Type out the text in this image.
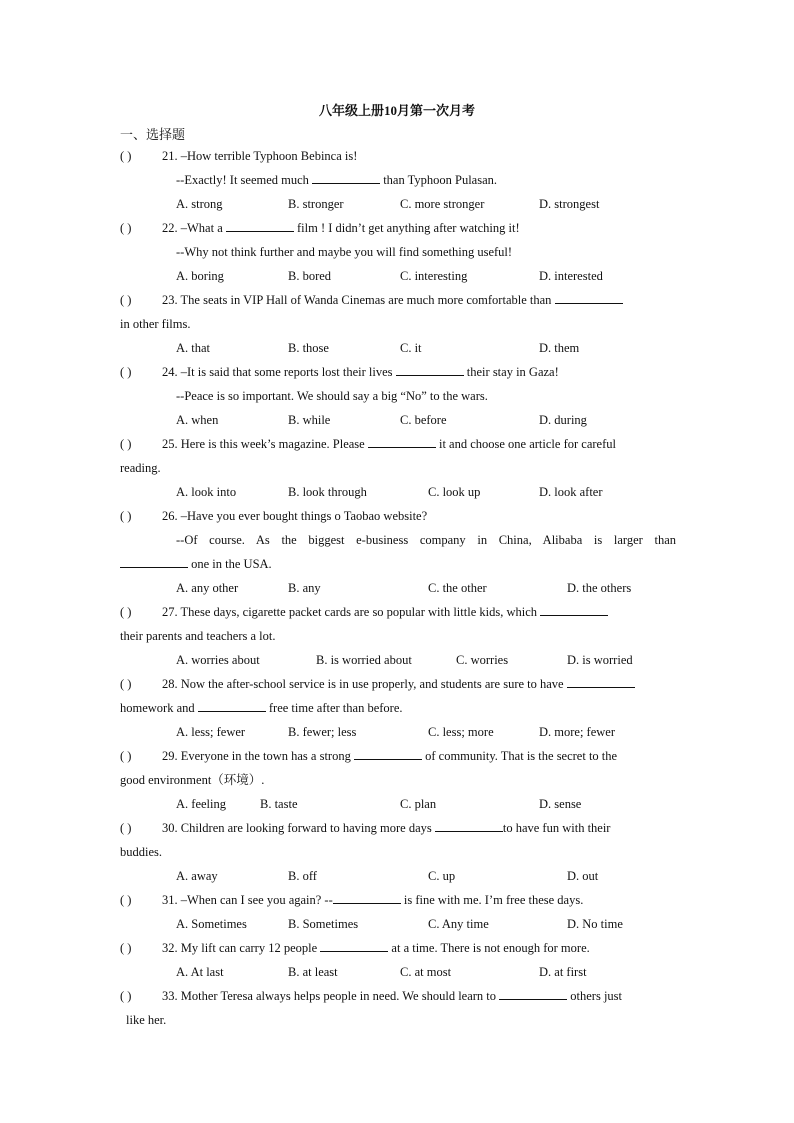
八年级上册10月第一次月考
一、选择题
( ) 21. –How terrible Typhoon Bebinca is!
--Exactly! It seemed much	than Typhoon Pulasan.
A. strong	B. stronger	C. more stronger	D. strongest
( ) 22. –What a	film ! I didn’t get anything after watching it!
--Why not think further and maybe you will find something useful!
A. boring	B. bored	C. interesting	D. interested
( ) 23. The seats in VIP Hall of Wanda Cinemas are much more comfortable than
in other films.
A. that	B. those	C. it	D. them
( ) 24. –It is said that some reports lost their lives	their stay in Gaza!
--Peace is so important. We should say a big “No” to the wars.
A. when	B. while	C. before	D. during
( ) 25. Here is this week’s magazine. Please	it and choose one article for careful
reading.
A. look into	B. look through	C. look up	D. look after
( ) 26. –Have you ever bought things o Taobao website?
--Of course. As the biggest e-business company in China, Alibaba is larger than
one in the USA.
A. any other	B. any	C. the other	D. the others
( ) 27. These days, cigarette packet cards are so popular with little kids, which
their parents and teachers a lot.
A. worries about	B. is worried about	C. worries	D. is worried
( ) 28. Now the after-school service is in use properly, and students are sure to have
homework and	free time after than before.
A. less; fewer	B. fewer; less	C. less; more	D. more; fewer
( ) 29. Everyone in the town has a strong	of community. That is the secret to the
good environment（环境）.
A. feeling	B. taste	C. plan	D. sense
( ) 30. Children are looking forward to having more days	to have fun with their
buddies.
A. away	B. off	C. up	D. out
( ) 31. –When can I see you again? --	is fine with me. I’m free these days.
A. Sometimes	B. Sometimes	C. Any time	D. No time
( ) 32. My lift can carry 12 people	at a time. There is not enough for more.
A. At last	B. at least	C. at most	D. at first
( ) 33. Mother Teresa always helps people in need. We should learn to	others just
like her.
